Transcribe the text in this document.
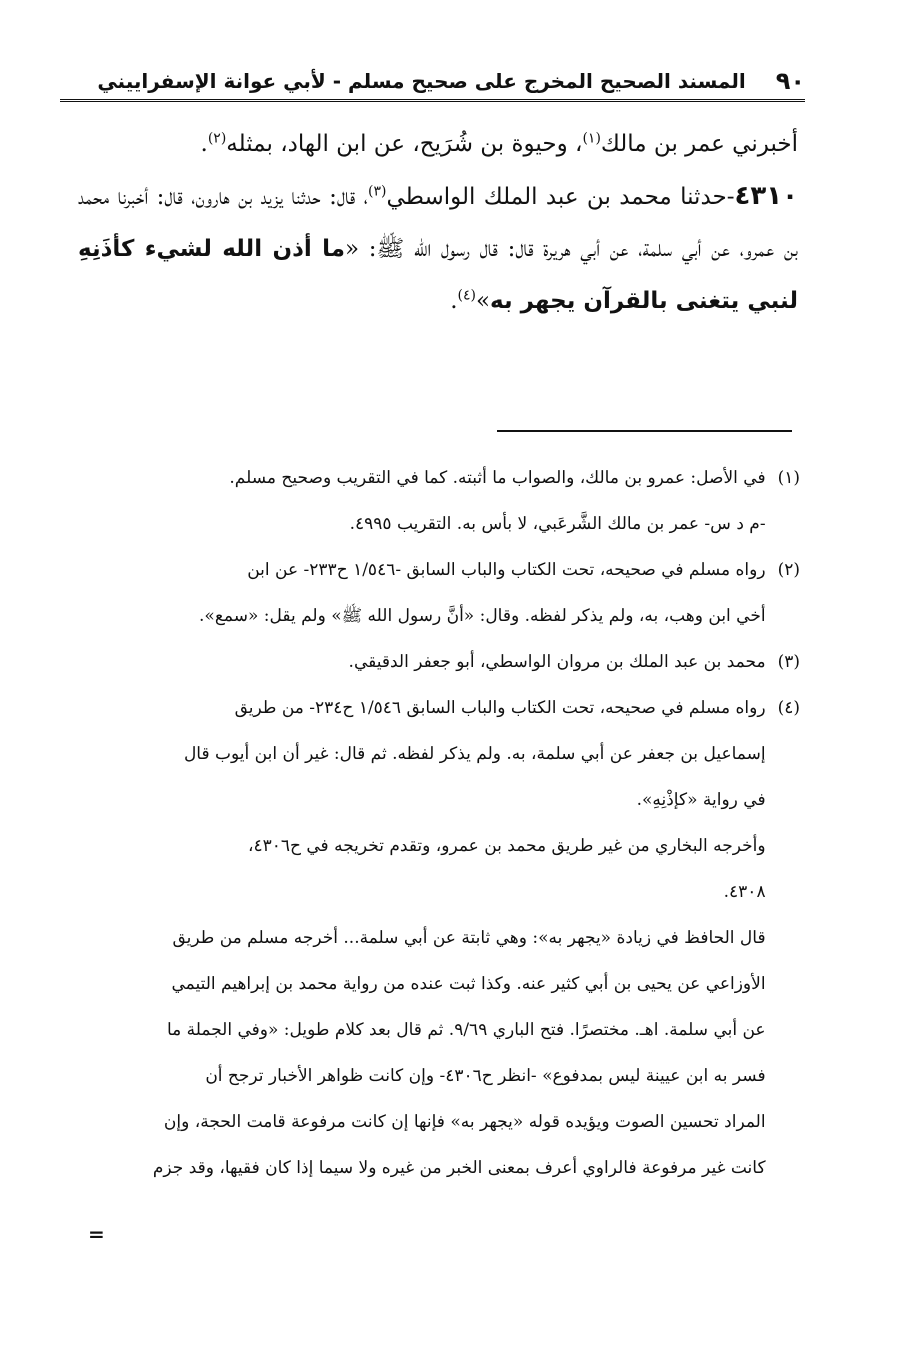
٩٠
المسند الصحيح المخرج على صحيح مسلم - لأبي عوانة الإسفراييني

أخبرني عمر بن مالك$^{(١)}$، وحيوة بن شُرَيح، عن ابن الهاد، بمثله$^{(٢)}$.

٤٣١٠-حدثنا محمد بن عبد الملك الواسطي$^{(٣)}$، قال: حدثنا يزيد بن هارون، قال: أخبرنا محمد بن عمرو، عن أبي سلمة، عن أبي هريرة قال: قال رسول الله ﷺ: «ما أذن الله لشيء كأذَنِهِ لنبي يتغنى بالقرآن يجهر به»$^{(٤)}$.

(١)
في الأصل: عمرو بن مالك، والصواب ما أثبته. كما في التقريب وصحيح مسلم.
-م د س- عمر بن مالك الشَّرعَبي، لا بأس به. التقريب ٤٩٩٥.
(٢)
رواه مسلم في صحيحه، تحت الكتاب والباب السابق -١/٥٤٦ ح٢٣٣- عن ابن
أخي ابن وهب، به، ولم يذكر لفظه. وقال: «أنَّ رسول الله ﷺ» ولم يقل: «سمع».
(٣)
محمد بن عبد الملك بن مروان الواسطي، أبو جعفر الدقيقي.
(٤)
رواه مسلم في صحيحه، تحت الكتاب والباب السابق ١/٥٤٦ ح٢٣٤- من طريق
إسماعيل بن جعفر عن أبي سلمة، به. ولم يذكر لفظه. ثم قال: غير أن ابن أيوب قال
في رواية «كإذْنِهِ».
وأخرجه البخاري من غير طريق محمد بن عمرو، وتقدم تخريجه في ح٤٣٠٦،
٤٣٠٨.
قال الحافظ في زيادة «يجهر به»: وهي ثابتة عن أبي سلمة... أخرجه مسلم من طريق
الأوزاعي عن يحيى بن أبي كثير عنه. وكذا ثبت عنده من رواية محمد بن إبراهيم التيمي
عن أبي سلمة. اهـ. مختصرًا. فتح الباري ٩/٦٩. ثم قال بعد كلام طويل: «وفي الجملة ما
فسر به ابن عيينة ليس بمدفوع» -انظر ح٤٣٠٦- وإن كانت ظواهر الأخبار ترجح أن
المراد تحسين الصوت ويؤيده قوله «يجهر به» فإنها إن كانت مرفوعة قامت الحجة، وإن
كانت غير مرفوعة فالراوي أعرف بمعنى الخبر من غيره ولا سيما إذا كان فقيها، وقد جزم
=
